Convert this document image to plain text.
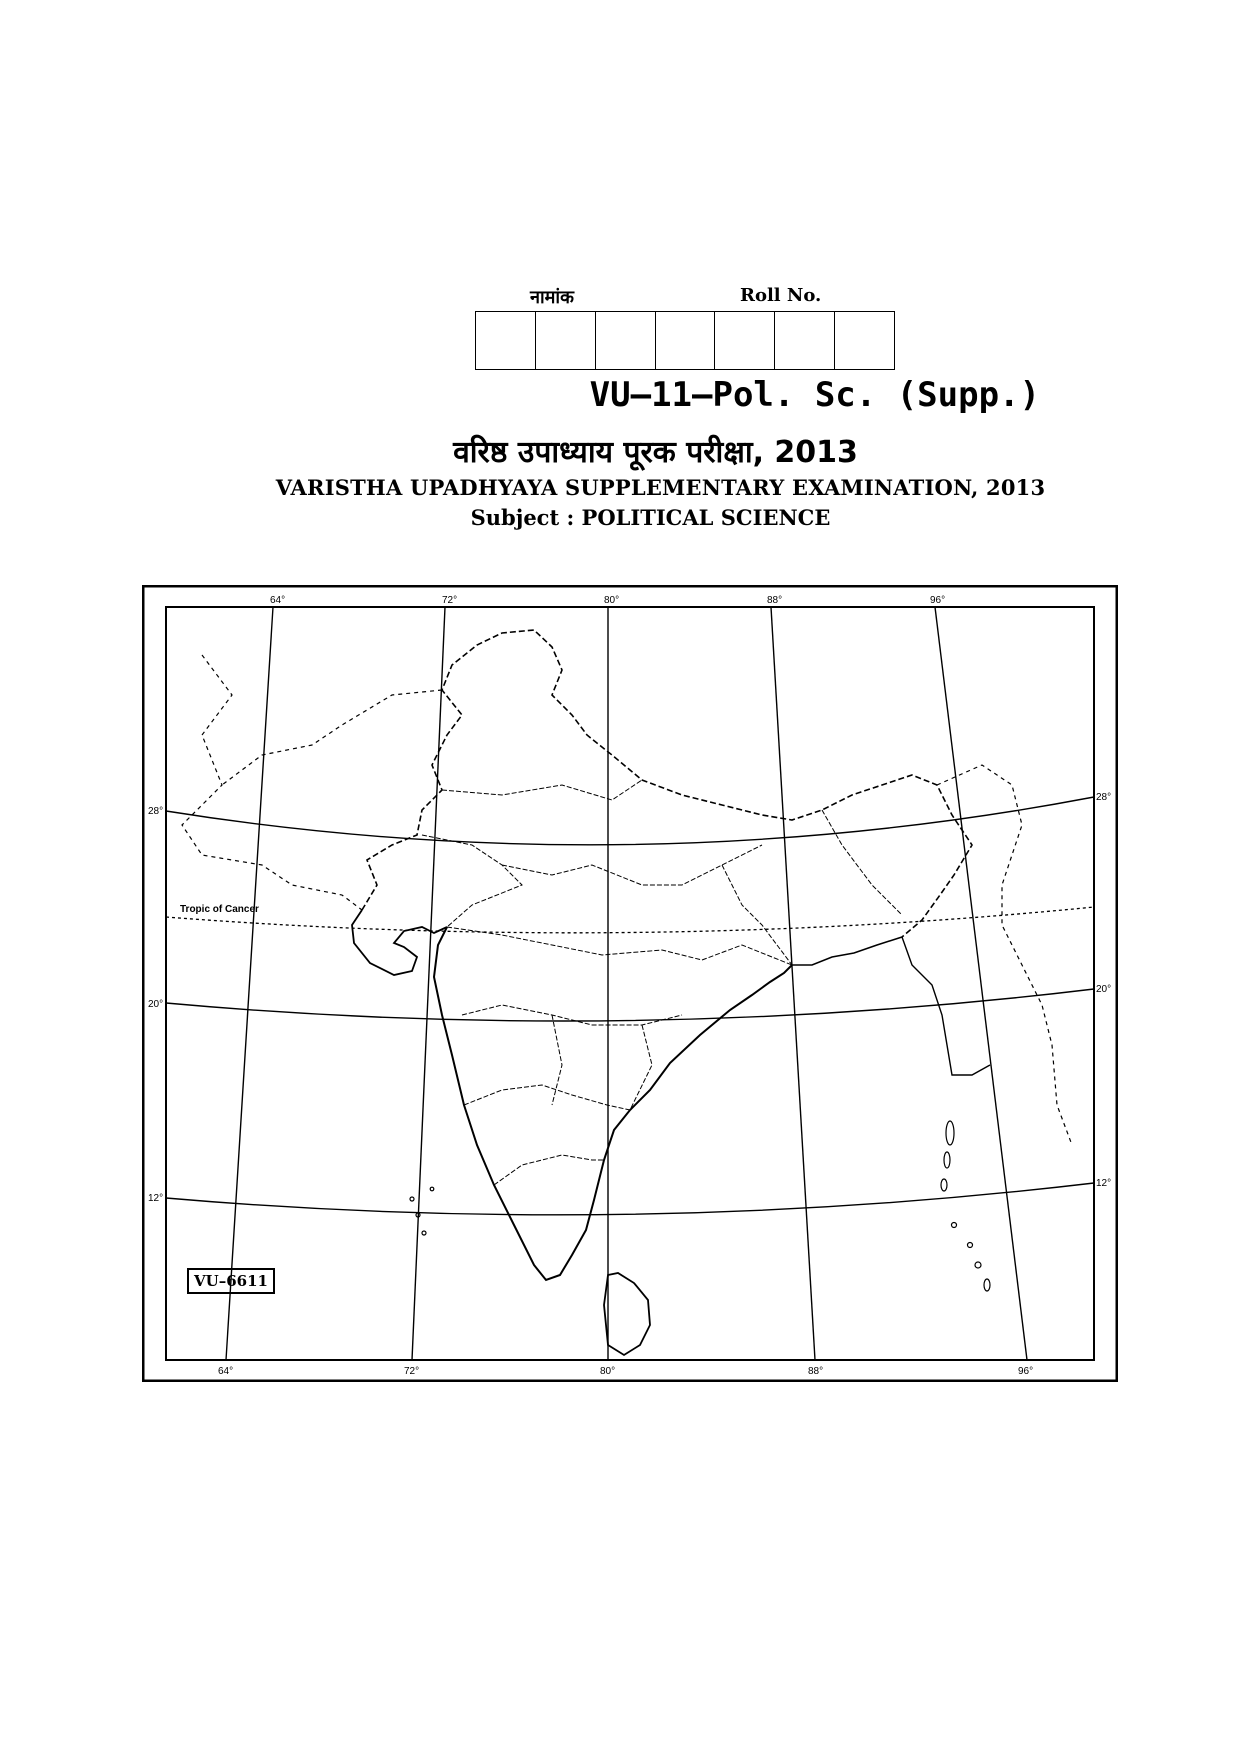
नामांक	Roll No.
VU—11—Pol. Sc. (Supp.)
वरिष्ठ उपाध्याय पूरक परीक्षा, 2013
VARISTHA UPADHYAYA SUPPLEMENTARY EXAMINATION, 2013
Subject : POLITICAL SCIENCE
Tropic of Cancer
64°	72°	80°	88°	96°
64°	72°	80°	88°	96°
28°
20°
12°
28°
20°
12°
VU–6611
